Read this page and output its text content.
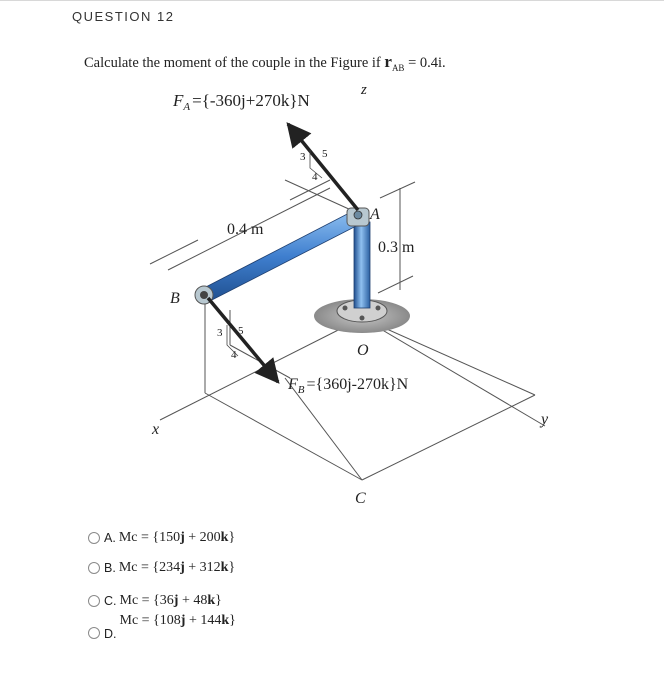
QUESTION 12
Calculate the moment of the couple in the Figure if $r_{AB} = 0.4i$.
$F_A =\{-360j+270k\}N$
z
3 5
4
A
0.4 m
0.3 m
B
3 5
4	O
$F_B =\{360j-270k\}N$
x
y
C
A. Mc = {150j + 200k}
B. Mc = {234j + 312k}
C. Mc = {36j + 48k}
D.
Mc = {108j + 144k}
